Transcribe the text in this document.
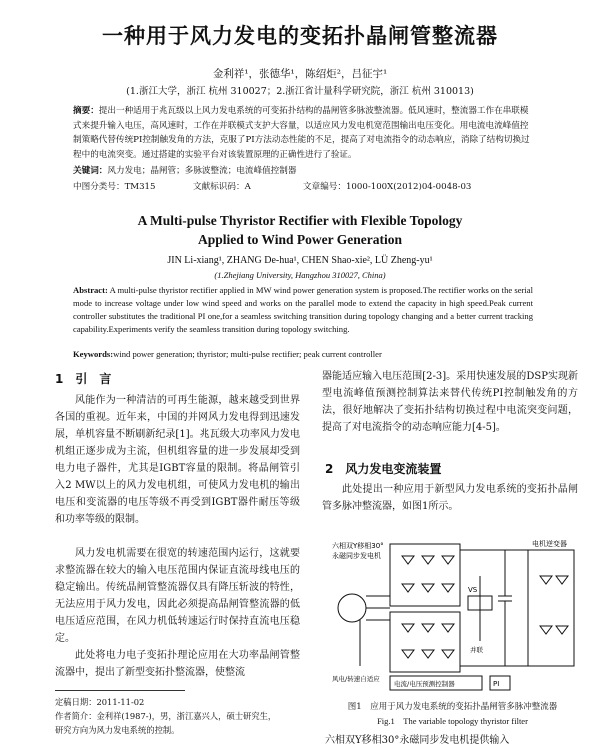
一种用于风力发电的变拓扑晶闸管整流器
金利祥¹，张德华¹，陈绍炬²，吕征宇¹
(1.浙江大学，浙江 杭州 310027；2.浙江省计量科学研究院，浙江 杭州 310013)
摘要：提出一种适用于兆瓦级以上风力发电系统的可变拓扑结构的晶闸管多脉波整流器。低风速时，整流器工作在串联模式来提升输入电压，高风速时，工作在并联模式支护大容量，以适应风力发电机宽范围输出电压变化。用电流电流峰值控制策略代替传统PI控制触发角的方法，克服了PI方法动态性能的不足，提高了对电流指令的动态响应，消除了结构切换过程中的电流突变。通过搭建的实验平台对该装置原理的正确性进行了验证。
关键词：风力发电；晶闸管；多脉波整流；电流峰值控制器
中图分类号：TM315	文献标识码：A	文章编号：1000-100X(2012)04-0048-03
A Multi-pulse Thyristor Rectifier with Flexible Topology
Applied to Wind Power Generation
JIN Li-xiang¹, ZHANG De-hua¹, CHEN Shao-xie², LÜ Zheng-yu¹
(1.Zhejiang University, Hangzhou 310027, China)
Abstract: A multi-pulse thyristor rectifier applied in MW wind power generation system is proposed.The rectifier works on the serial mode to increase voltage under low wind speed and works on the parallel mode to extend the capacity in high speed.Peak current controller substitutes the traditional PI one,for a seamless switching transition during topology changing and a better current tracking capability.Experiments verify the seamless transition during topology switching.
Keywords:wind power generation; thyristor; multi-pulse rectifier; peak current controller
1　引　言
风能作为一种清洁的可再生能源，越来越受到世界各国的重视。近年来，中国的并网风力发电得到迅速发展，单机容量不断刷新纪录[1]。兆瓦级大功率风力发电机组正逐步成为主流，但机组容量的进一步发展却受到电力电子器件，尤其是IGBT容量的限制。将晶闸管引入2 MW以上的风力发电机组，可使风力发电机的输出电压和变流器的电压等级不再受到IGBT器件耐压等级和功率等级的限制。
风力发电机需要在很宽的转速范围内运行，这就要求整流器在较大的输入电压范围内保证直流母线电压的稳定输出。传统晶闸管整流器仅具有降压斩波的特性，无法应用于风力发电，因此必须提高晶闸管整流器的低电压适应范围，在风力机低转速运行时保持直流电压稳定。
此处将电力电子变拓扑理论应用在大功率晶闸管整流器中，提出了新型变拓扑整流器，使整流
定稿日期：2011-11-02
作者简介：金利祥(1987-)，男，浙江嘉兴人，硕士研究生，
研究方向为风力发电系统的控制。
器能适应输入电压范围[2-3]。采用快速发展的DSP实现新型电流峰值预测控制算法来替代传统PI控制触发角的方法，很好地解决了变拓扑结构切换过程中电流突变问题，提高了对电流指令的动态响应能力[4-5]。
2　风力发电变流装置
此处提出一种应用于新型风力发电系统的变拓扑晶闸管多脉冲整流器，如图1所示。
六相双Y移相30°
永磁同步发电机
VS
电机逆变器
电流/电压预测控制器	PI
风电/转速自适应
并联
图1　应用于风力发电系统的变拓扑晶闸管多脉冲整流器
Fig.1　The variable topology thyristor filter
六相双Y移相30°永磁同步发电机提供输入
